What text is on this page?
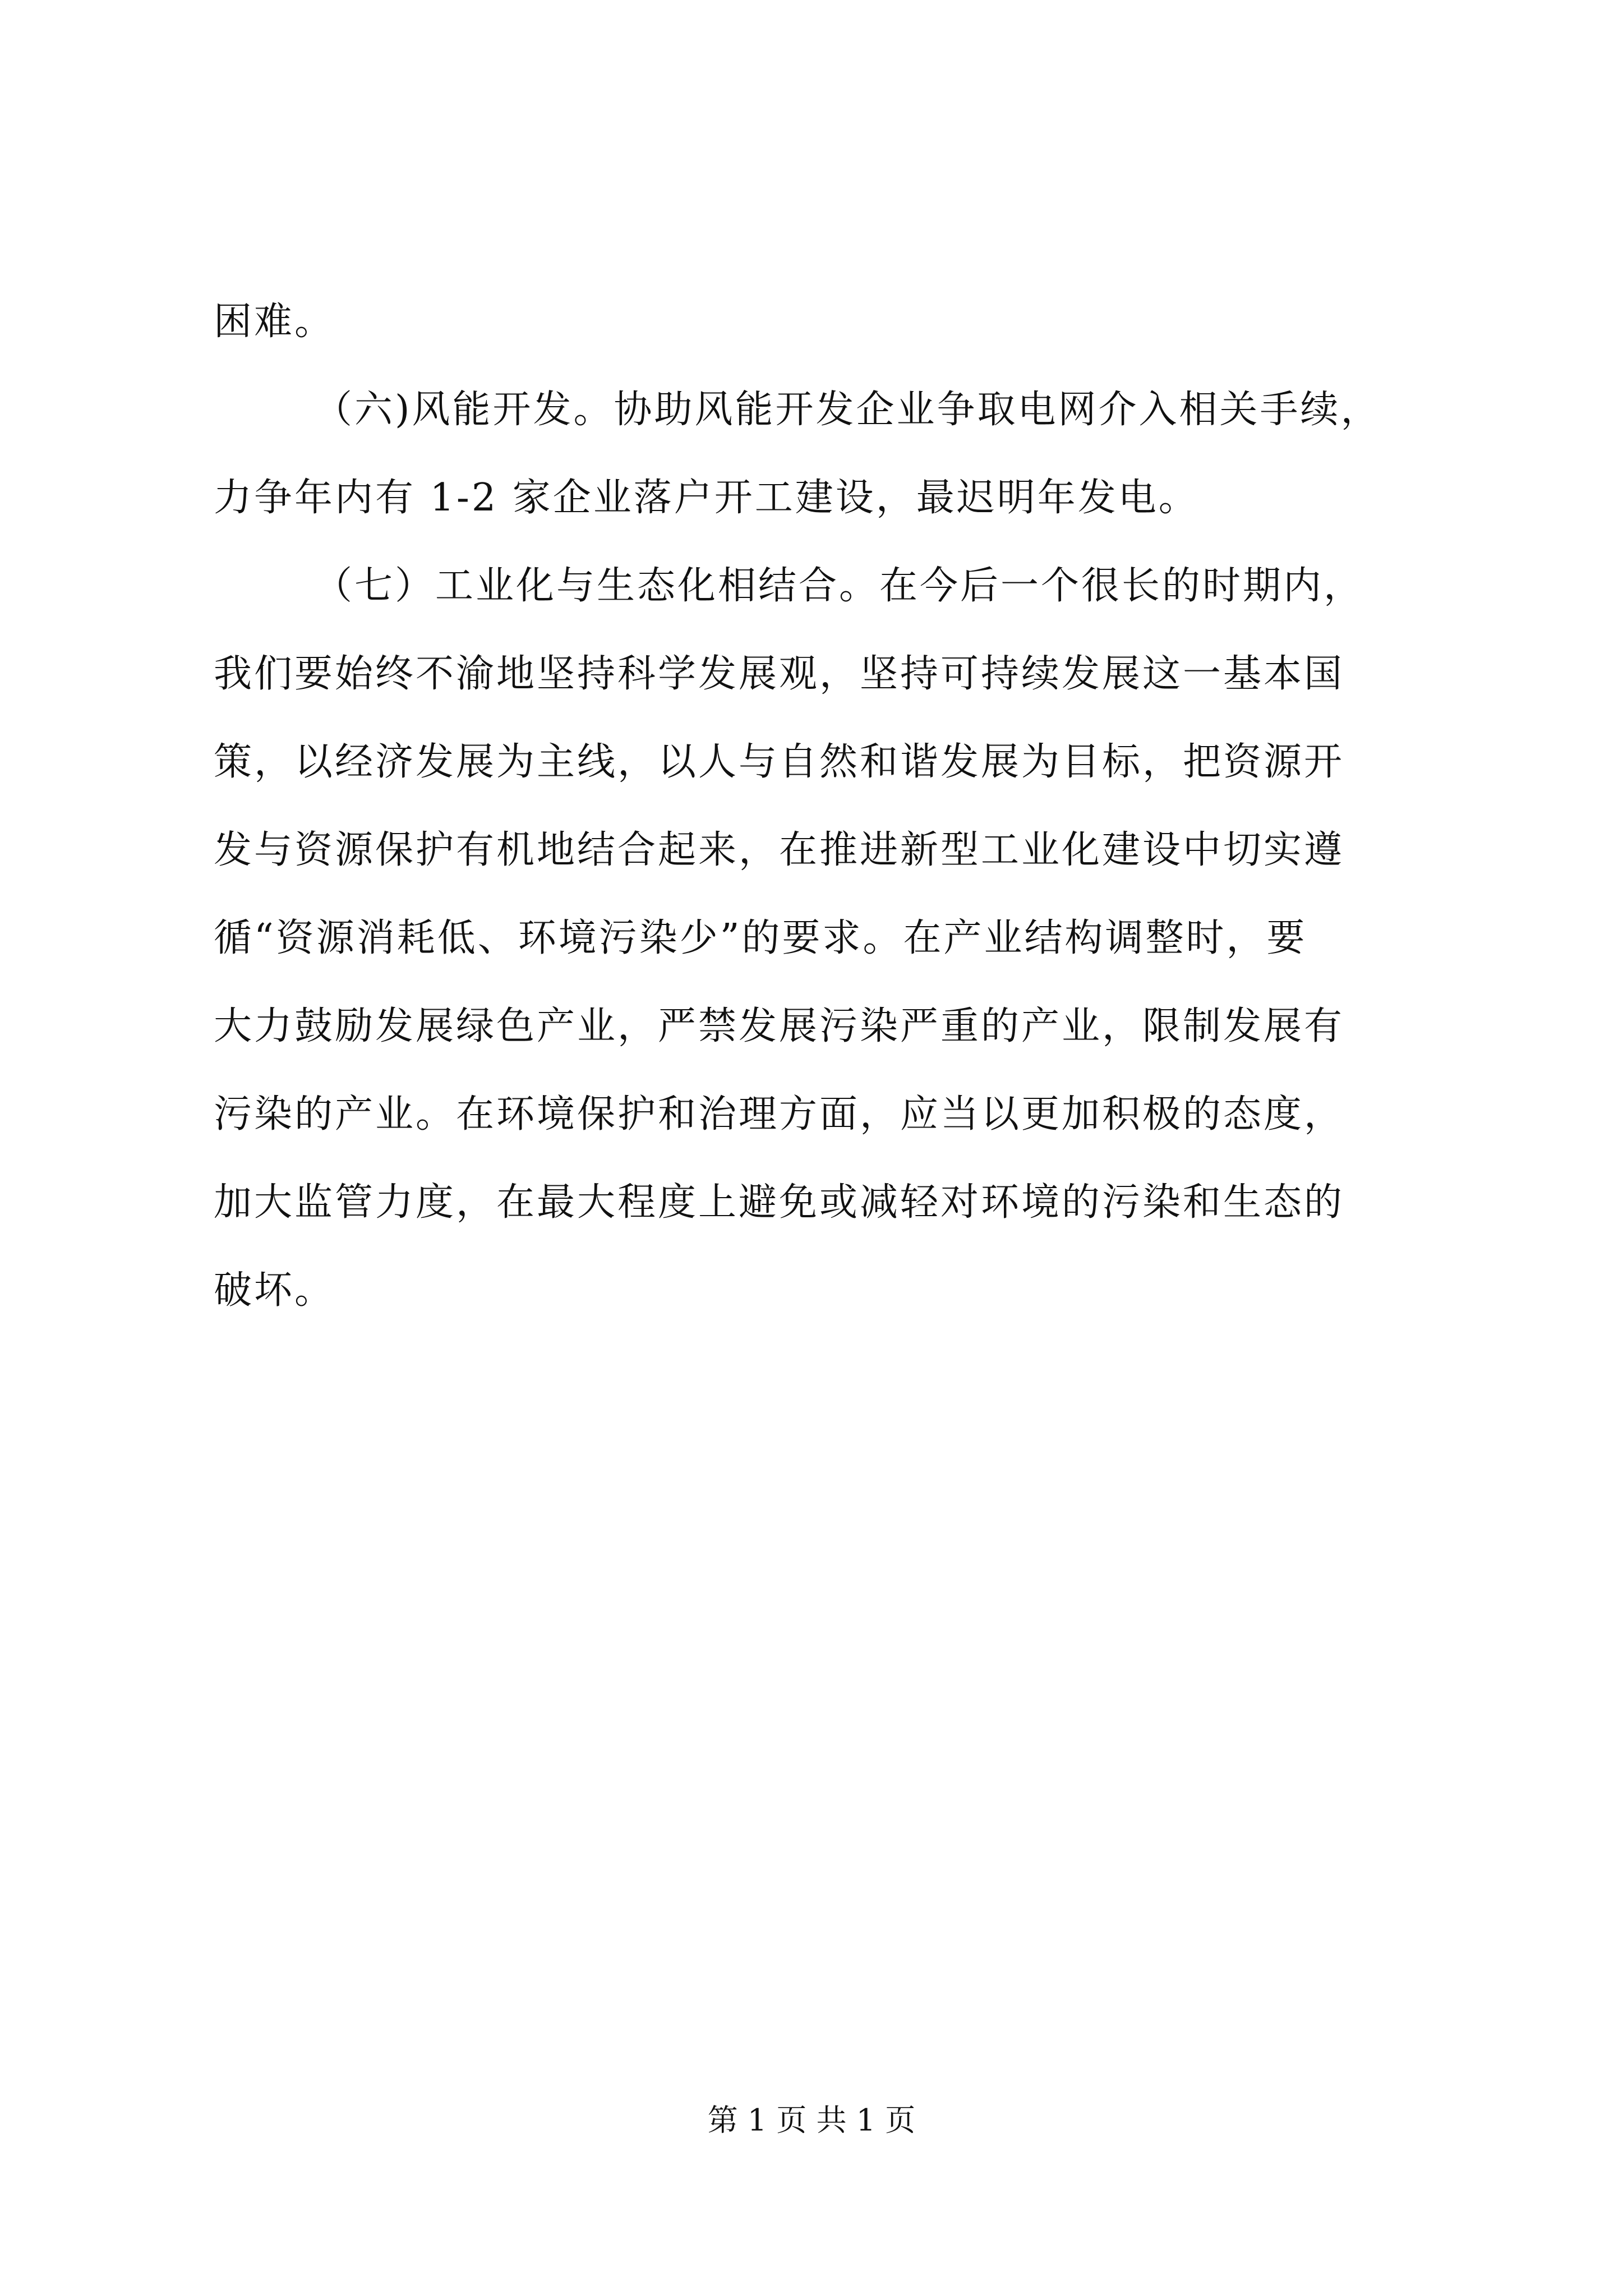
困难。
（六)风能开发。协助风能开发企业争取电网介入相关手续，
力争年内有 1-2 家企业落户开工建设，最迟明年发电。
（七）工业化与生态化相结合。在今后一个很长的时期内，
我们要始终不渝地坚持科学发展观，坚持可持续发展这一基本国
策，以经济发展为主线，以人与自然和谐发展为目标，把资源开
发与资源保护有机地结合起来，在推进新型工业化建设中切实遵
循“资源消耗低、环境污染少”的要求。在产业结构调整时，要
大力鼓励发展绿色产业，严禁发展污染严重的产业，限制发展有
污染的产业。在环境保护和治理方面，应当以更加积极的态度，
加大监管力度，在最大程度上避免或减轻对环境的污染和生态的
破坏。
第 1 页 共 1 页
